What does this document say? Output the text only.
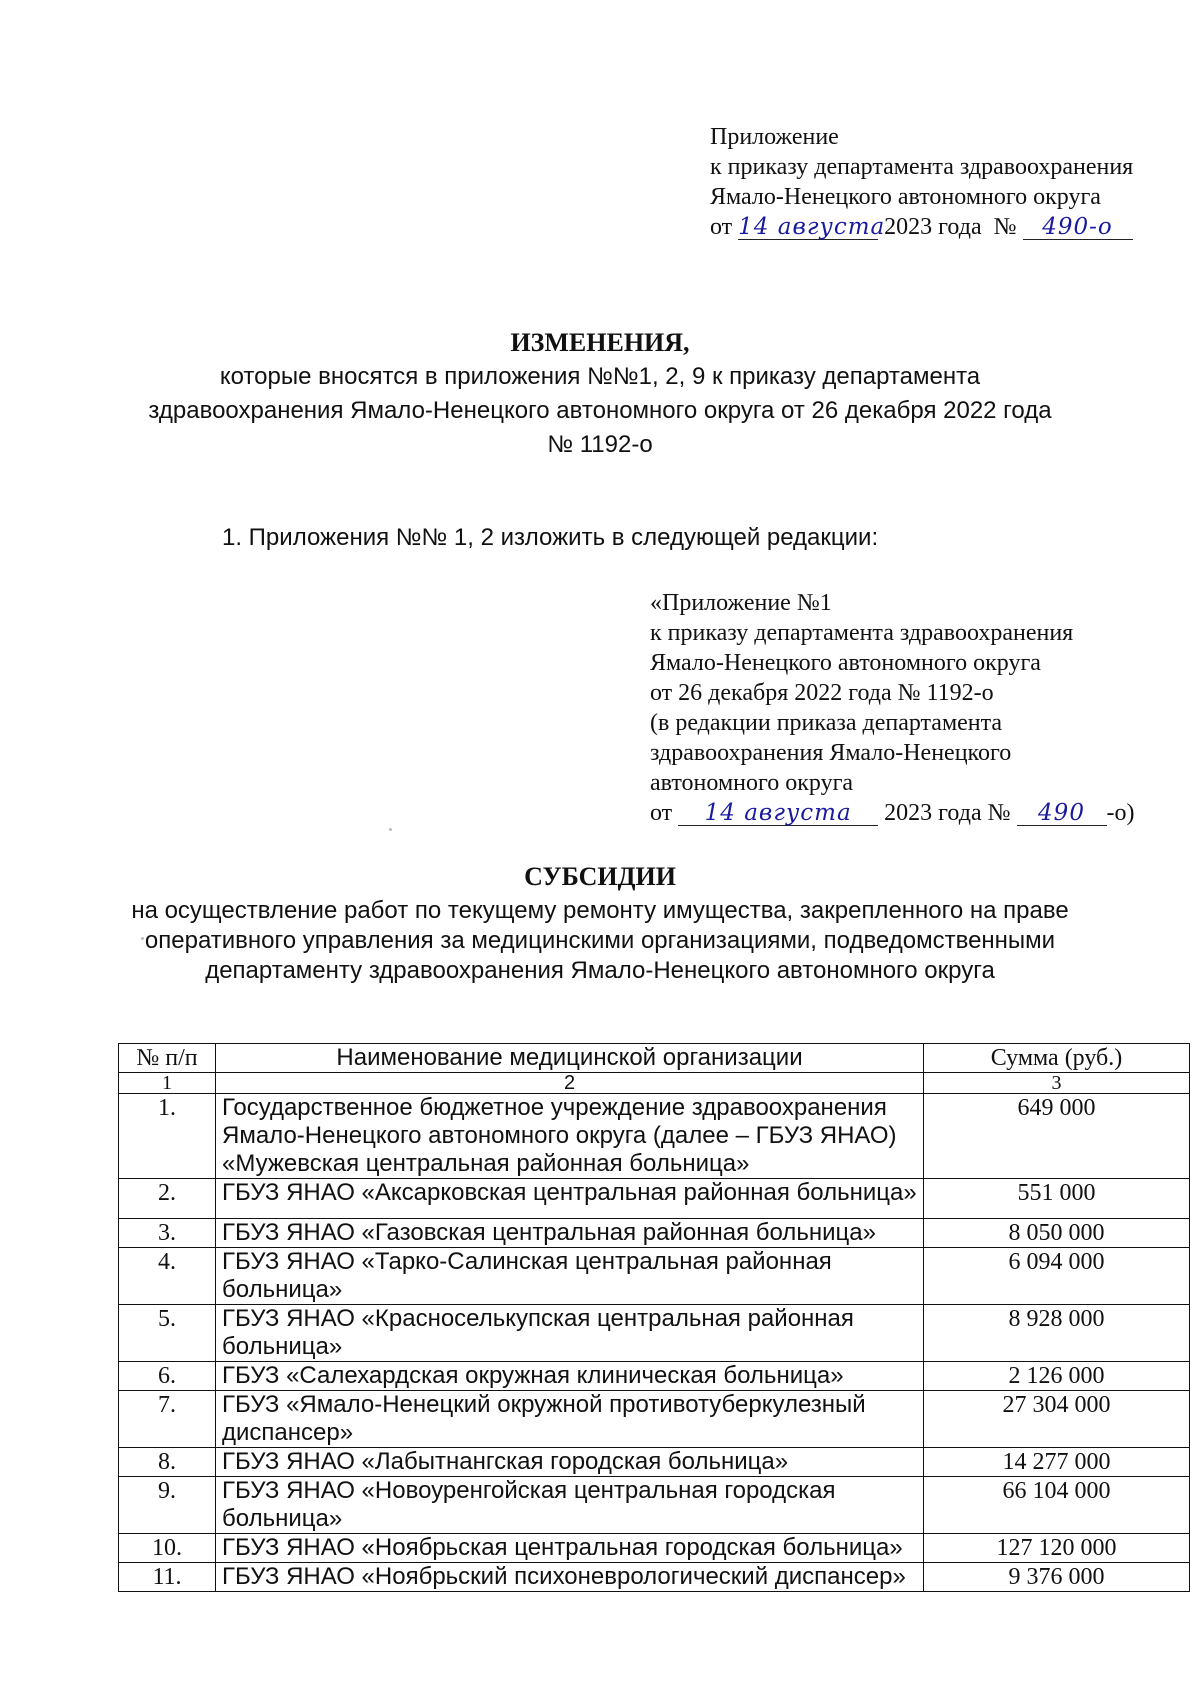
Приложение
к приказу департамента здравоохранения
Ямало-Ненецкого автономного округа
от 14 августа 2023 года № 490-о
ИЗМЕНЕНИЯ,
которые вносятся в приложения №№1, 2, 9 к приказу департамента
здравоохранения Ямало-Ненецкого автономного округа от 26 декабря 2022 года
№ 1192-о
1. Приложения №№ 1, 2 изложить в следующей редакции:
«Приложение №1
к приказу департамента здравоохранения
Ямало-Ненецкого автономного округа
от 26 декабря 2022 года № 1192-о
(в редакции приказа департамента
здравоохранения Ямало-Ненецкого
автономного округа
от 14 августа 2023 года № 490 -о)
СУБСИДИИ
на осуществление работ по текущему ремонту имущества, закрепленного на праве
оперативного управления за медицинскими организациями, подведомственными
департаменту здравоохранения Ямало-Ненецкого автономного округа
№ п/п	Наименование медицинской организации	Сумма (руб.)
1	2	3
1.	Государственное бюджетное учреждение здравоохранения
Ямало-Ненецкого автономного округа (далее – ГБУЗ ЯНАО)
«Мужевская центральная районная больница»	649 000
2.	ГБУЗ ЯНАО «Аксарковская центральная районная больница»	551 000
3.	ГБУЗ ЯНАО «Газовская центральная районная больница»	8 050 000
4.	ГБУЗ ЯНАО «Тарко-Салинская центральная районная
больница»	6 094 000
5.	ГБУЗ ЯНАО «Красноселькупская центральная районная
больница»	8 928 000
6.	ГБУЗ «Салехардская окружная клиническая больница»	2 126 000
7.	ГБУЗ «Ямало-Ненецкий окружной противотуберкулезный
диспансер»	27 304 000
8.	ГБУЗ ЯНАО «Лабытнангская городская больница»	14 277 000
9.	ГБУЗ ЯНАО «Новоуренгойская центральная городская
больница»	66 104 000
10.	ГБУЗ ЯНАО «Ноябрьская центральная городская больница»	127 120 000
11.	ГБУЗ ЯНАО «Ноябрьский психоневрологический диспансер»	9 376 000
